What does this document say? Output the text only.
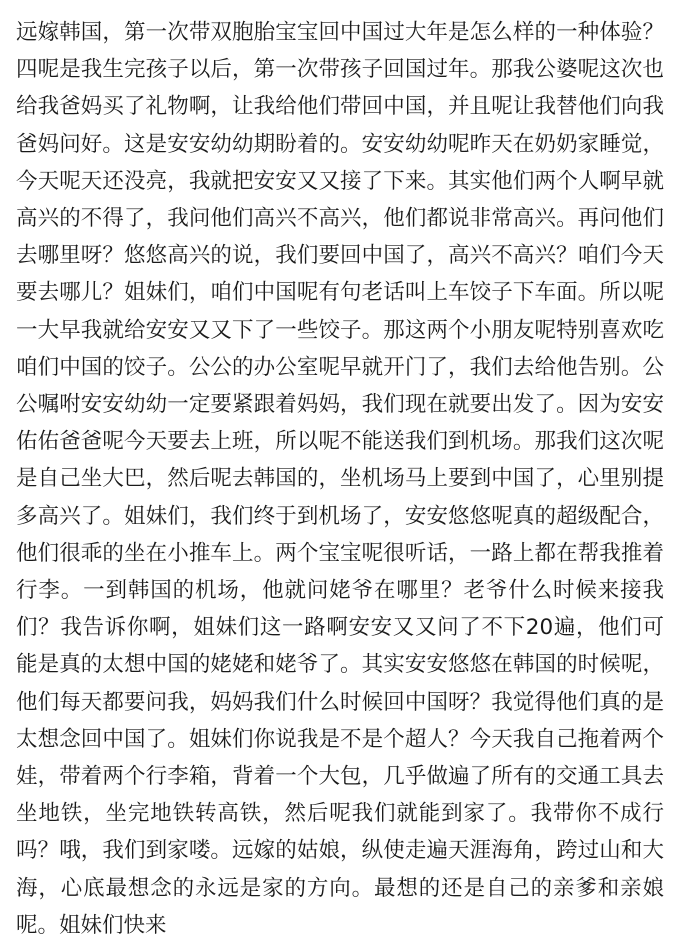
远嫁韩国，第一次带双胞胎宝宝回中国过大年是怎么样的一种体验？四呢是我生完孩子以后，第一次带孩子回国过年。那我公婆呢这次也给我爸妈买了礼物啊，让我给他们带回中国，并且呢让我替他们向我爸妈问好。这是安安幼幼期盼着的。安安幼幼呢昨天在奶奶家睡觉，今天呢天还没亮，我就把安安又又接了下来。其实他们两个人啊早就高兴的不得了，我问他们高兴不高兴，他们都说非常高兴。再问他们去哪里呀？悠悠高兴的说，我们要回中国了，高兴不高兴？咱们今天要去哪儿？姐妹们，咱们中国呢有句老话叫上车饺子下车面。所以呢一大早我就给安安又又下了一些饺子。那这两个小朋友呢特别喜欢吃咱们中国的饺子。公公的办公室呢早就开门了，我们去给他告别。公公嘱咐安安幼幼一定要紧跟着妈妈，我们现在就要出发了。因为安安佑佑爸爸呢今天要去上班，所以呢不能送我们到机场。那我们这次呢是自己坐大巴，然后呢去韩国的，坐机场马上要到中国了，心里别提多高兴了。姐妹们，我们终于到机场了，安安悠悠呢真的超级配合，他们很乖的坐在小推车上。两个宝宝呢很听话，一路上都在帮我推着行李。一到韩国的机场，他就问姥爷在哪里？老爷什么时候来接我们？我告诉你啊，姐妹们这一路啊安安又又问了不下20遍，他们可能是真的太想中国的姥姥和姥爷了。其实安安悠悠在韩国的时候呢，他们每天都要问我，妈妈我们什么时候回中国呀？我觉得他们真的是太想念回中国了。姐妹们你说我是不是个超人？今天我自己拖着两个娃，带着两个行李箱，背着一个大包，几乎做遍了所有的交通工具去坐地铁，坐完地铁转高铁，然后呢我们就能到家了。我带你不成行吗？哦，我们到家喽。远嫁的姑娘，纵使走遍天涯海角，跨过山和大海，心底最想念的永远是家的方向。最想的还是自己的亲爹和亲娘呢。姐妹们快来
